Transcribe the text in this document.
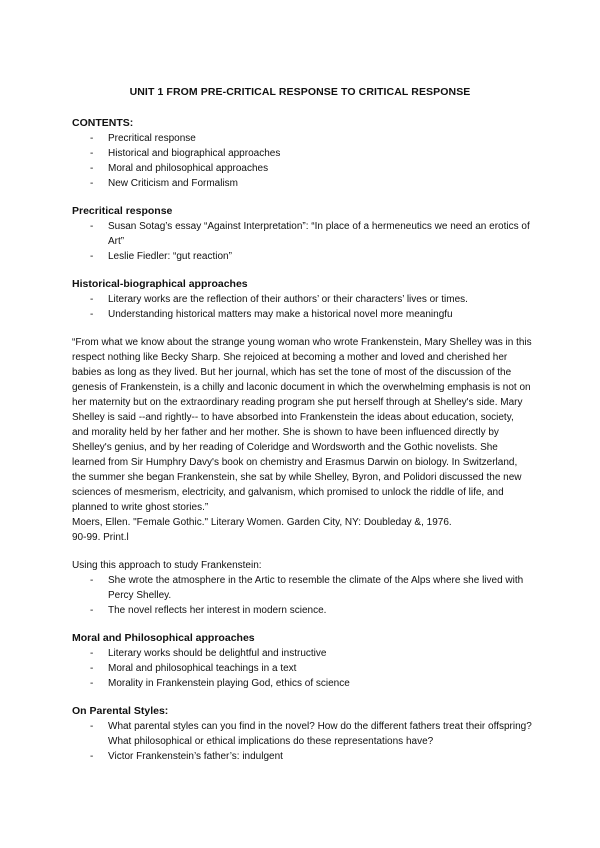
UNIT 1 FROM PRE-CRITICAL RESPONSE TO CRITICAL RESPONSE

CONTENTS:

- Precritical response
- Historical and biographical approaches
- Moral and philosophical approaches
- New Criticism and Formalism

Precritical response

- Susan Sotag’s essay “Against Interpretation”: “In place of a hermeneutics we need an erotics of Art”
- Leslie Fiedler: “gut reaction”

Historical-biographical approaches

- Literary works are the reflection of their authors’ or their characters’ lives or times.
- Understanding historical matters may make a historical novel more meaningfu

“From what we know about the strange young woman who wrote Frankenstein, Mary Shelley was in this respect nothing like Becky Sharp. She rejoiced at becoming a mother and loved and cherished her babies as long as they lived. But her journal, which has set the tone of most of the discussion of the genesis of Frankenstein, is a chilly and laconic document in which the overwhelming emphasis is not on her maternity but on the extraordinary reading program she put herself through at Shelley's side. Mary Shelley is said --and rightly-- to have absorbed into Frankenstein the ideas about education, society, and morality held by her father and her mother. She is shown to have been influenced directly by Shelley's genius, and by her reading of Coleridge and Wordsworth and the Gothic novelists. She learned from Sir Humphry Davy's book on chemistry and Erasmus Darwin on biology. In Switzerland, the summer she began Frankenstein, she sat by while Shelley, Byron, and Polidori discussed the new sciences of mesmerism, electricity, and galvanism, which promised to unlock the riddle of life, and planned to write ghost stories.”

Moers, Ellen. "Female Gothic." Literary Women. Garden City, NY: Doubleday &, 1976.

90-99. Print.l

Using this approach to study Frankenstein:

- She wrote the atmosphere in the Artic to resemble the climate of the Alps where she lived with Percy Shelley.
- The novel reflects her interest in modern science.

Moral and Philosophical approaches

- Literary works should be delightful and instructive
- Moral and philosophical teachings in a text
- Morality in Frankenstein playing God, ethics of science

On Parental Styles:

- What parental styles can you find in the novel? How do the different fathers treat their offspring? What philosophical or ethical implications do these representations have?
- Victor Frankenstein’s father’s: indulgent
